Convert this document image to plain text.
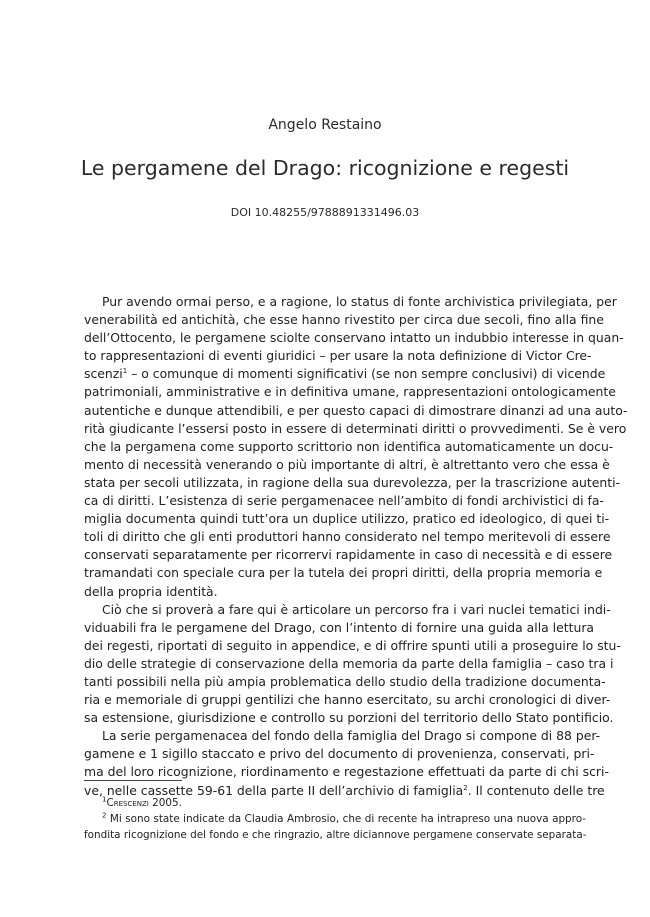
Angelo Restaino
Le pergamene del Drago: ricognizione e regesti
DOI 10.48255/9788891331496.03
Pur avendo ormai perso, e a ragione, lo status di fonte archivistica privilegiata, per
venerabilità ed antichità, che esse hanno rivestito per circa due secoli, fino alla fine
dell’Ottocento, le pergamene sciolte conservano intatto un indubbio interesse in quan-
to rappresentazioni di eventi giuridici – per usare la nota definizione di Victor Cre-
scenzi$^1$ – o comunque di momenti significativi (se non sempre conclusivi) di vicende
patrimoniali, amministrative e in definitiva umane, rappresentazioni ontologicamente
autentiche e dunque attendibili, e per questo capaci di dimostrare dinanzi ad una auto-
rità giudicante l’essersi posto in essere di determinati diritti o provvedimenti. Se è vero
che la pergamena come supporto scrittorio non identifica automaticamente un docu-
mento di necessità venerando o più importante di altri, è altrettanto vero che essa è
stata per secoli utilizzata, in ragione della sua durevolezza, per la trascrizione autenti-
ca di diritti. L’esistenza di serie pergamenacee nell’ambito di fondi archivistici di fa-
miglia documenta quindi tutt’ora un duplice utilizzo, pratico ed ideologico, di quei ti-
toli di diritto che gli enti produttori hanno considerato nel tempo meritevoli di essere
conservati separatamente per ricorrervi rapidamente in caso di necessità e di essere
tramandati con speciale cura per la tutela dei propri diritti, della propria memoria e
della propria identità.
Ciò che si proverà a fare qui è articolare un percorso fra i vari nuclei tematici indi-
viduabili fra le pergamene del Drago, con l’intento di fornire una guida alla lettura
dei regesti, riportati di seguito in appendice, e di offrire spunti utili a proseguire lo stu-
dio delle strategie di conservazione della memoria da parte della famiglia – caso tra i
tanti possibili nella più ampia problematica dello studio della tradizione documenta-
ria e memoriale di gruppi gentilizi che hanno esercitato, su archi cronologici di diver-
sa estensione, giurisdizione e controllo su porzioni del territorio dello Stato pontificio.
La serie pergamenacea del fondo della famiglia del Drago si compone di 88 per-
gamene e 1 sigillo staccato e privo del documento di provenienza, conservati, pri-
ma del loro ricognizione, riordinamento e regestazione effettuati da parte di chi scri-
ve, nelle cassette 59-61 della parte II dell’archivio di famiglia$^2$. Il contenuto delle tre
$^1$Crescenzi 2005.
$^2$ Mi sono state indicate da Claudia Ambrosio, che di recente ha intrapreso una nuova appro-
fondita ricognizione del fondo e che ringrazio, altre diciannove pergamene conservate separata-
